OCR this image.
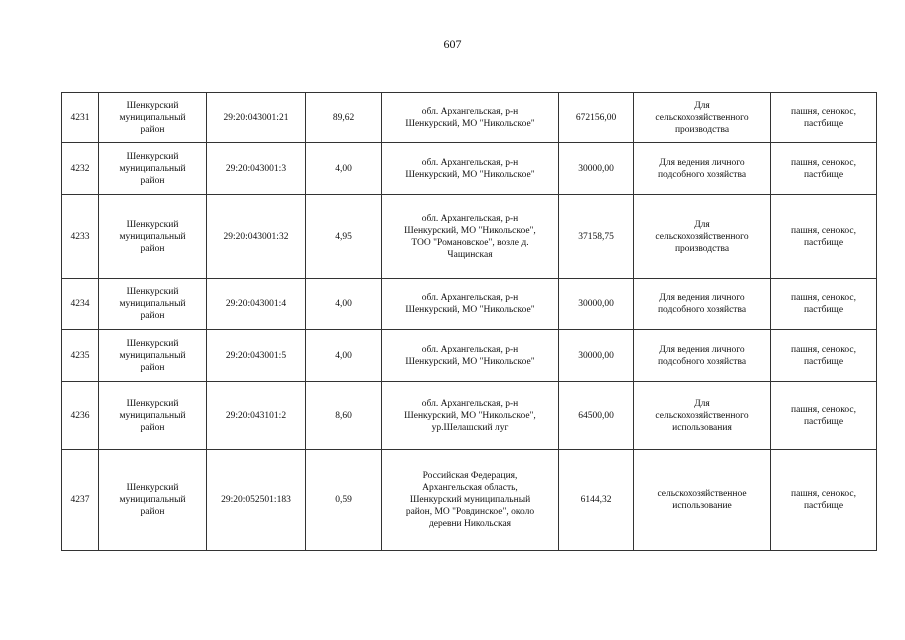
607
4231	Шенкурский
муниципальный
район	29:20:043001:21	89,62	обл. Архангельская, р-н
Шенкурский, МО "Никольское"	672156,00	Для
сельскохозяйственного
производства	пашня, сенокос,
пастбище

4232	Шенкурский
муниципальный
район	29:20:043001:3	4,00	обл. Архангельская, р-н
Шенкурский, МО "Никольское"	30000,00	Для ведения личного
подсобного хозяйства	пашня, сенокос,
пастбище

4233	Шенкурский
муниципальный
район	29:20:043001:32	4,95	обл. Архангельская, р-н
Шенкурский, МО "Никольское",
ТОО "Романовское", возле д.
Чащинская	37158,75	Для
сельскохозяйственного
производства	пашня, сенокос,
пастбище

4234	Шенкурский
муниципальный
район	29:20:043001:4	4,00	обл. Архангельская, р-н
Шенкурский, МО "Никольское"	30000,00	Для ведения личного
подсобного хозяйства	пашня, сенокос,
пастбище

4235	Шенкурский
муниципальный
район	29:20:043001:5	4,00	обл. Архангельская, р-н
Шенкурский, МО "Никольское"	30000,00	Для ведения личного
подсобного хозяйства	пашня, сенокос,
пастбище

4236	Шенкурский
муниципальный
район	29:20:043101:2	8,60	обл. Архангельская, р-н
Шенкурский, МО "Никольское",
ур.Шелашский луг	64500,00	Для
сельскохозяйственного
использования	пашня, сенокос,
пастбище

4237	Шенкурский
муниципальный
район	29:20:052501:183	0,59	Российская Федерация,
Архангельская область,
Шенкурский муниципальный
район, МО "Ровдинское", около
деревни Никольская	6144,32	сельскохозяйственное
использование	пашня, сенокос,
пастбище
